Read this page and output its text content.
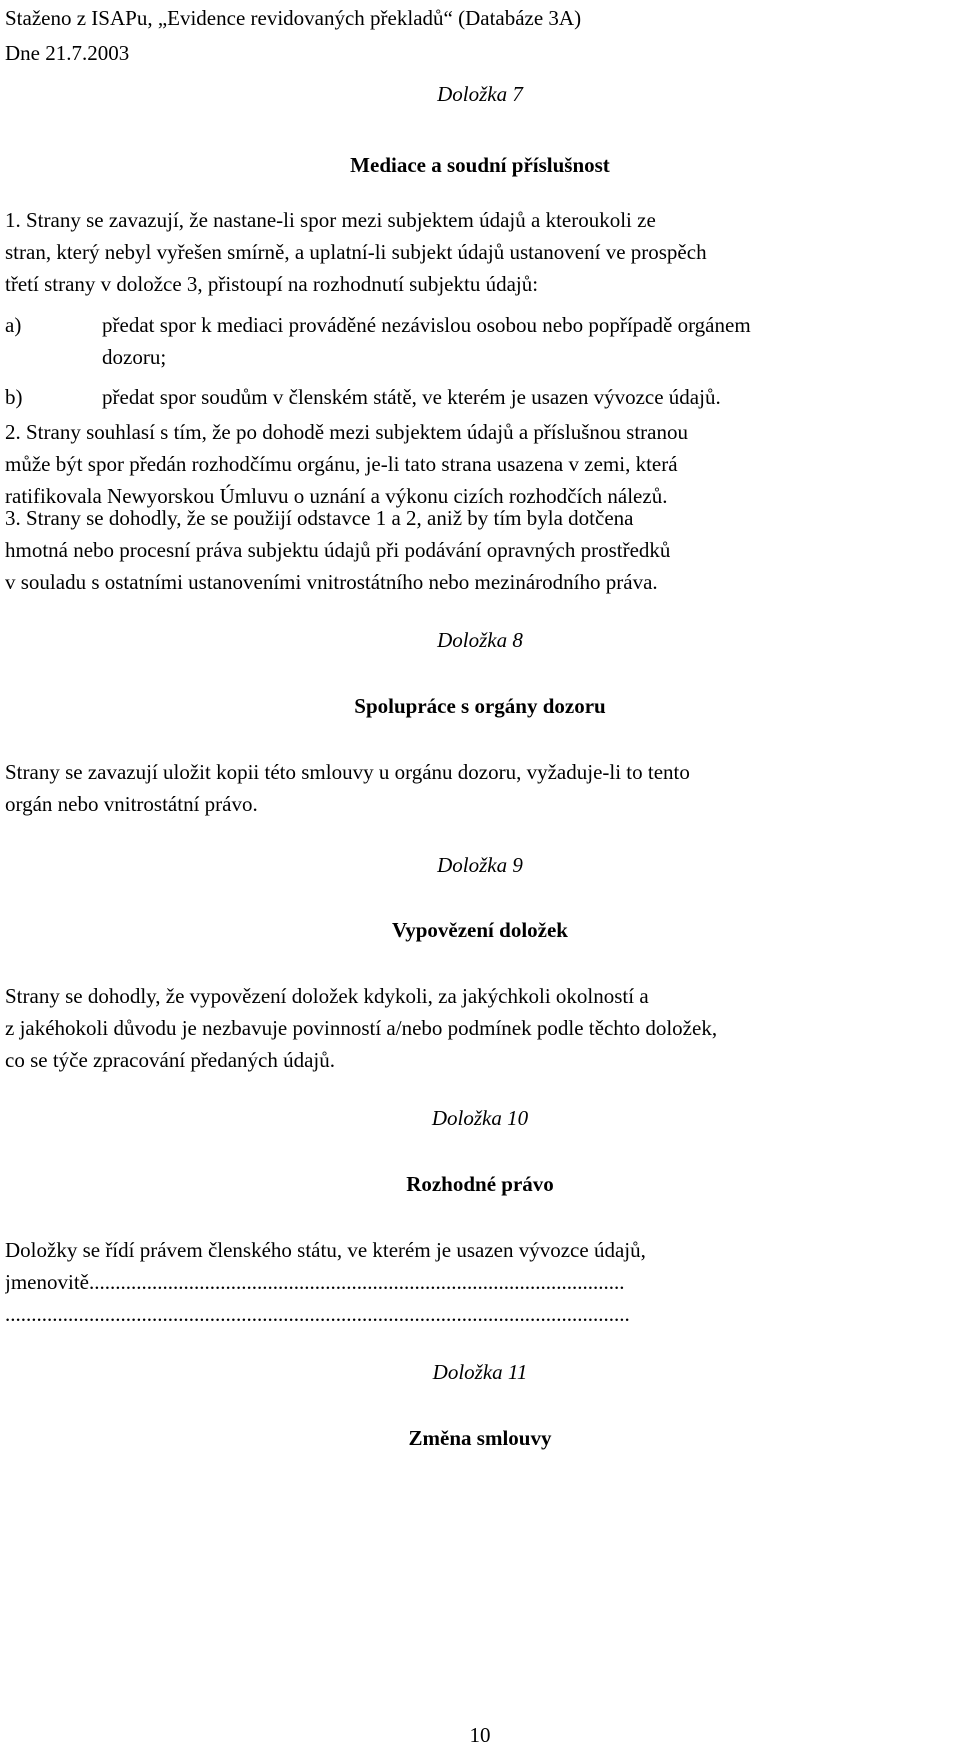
Staženo z ISAPu, „Evidence revidovaných překladů“ (Databáze 3A)
Dne 21.7.2003
Doložka 7
Mediace a soudní příslušnost
1. Strany se zavazují, že nastane-li spor mezi subjektem údajů a kteroukoli ze
stran, který nebyl vyřešen smírně, a uplatní-li subjekt údajů ustanovení ve prospěch
třetí strany v doložce 3, přistoupí na rozhodnutí subjektu údajů:
a)	předat spor k mediaci prováděné nezávislou osobou nebo popřípadě orgánem
dozoru;
b)	předat spor soudům v členském státě, ve kterém je usazen vývozce údajů.
2. Strany souhlasí s tím, že po dohodě mezi subjektem údajů a příslušnou stranou
může být spor předán rozhodčímu orgánu, je-li tato strana usazena v zemi, která
ratifikovala Newyorskou Úmluvu o uznání a výkonu cizích rozhodčích nálezů.
3. Strany se dohodly, že se použijí odstavce 1 a 2, aniž by tím byla dotčena
hmotná nebo procesní práva subjektu údajů při podávání opravných prostředků
v souladu s ostatními ustanoveními vnitrostátního nebo mezinárodního práva.
Doložka 8
Spolupráce s orgány dozoru
Strany se zavazují uložit kopii této smlouvy u orgánu dozoru, vyžaduje-li to tento
orgán nebo vnitrostátní právo.
Doložka 9
Vypovězení doložek
Strany se dohodly, že vypovězení doložek kdykoli, za jakýchkoli okolností a
z jakéhokoli důvodu je nezbavuje povinností a/nebo podmínek podle těchto doložek,
co se týče zpracování předaných údajů.
Doložka 10
Rozhodné právo
Doložky se řídí právem členského státu, ve kterém je usazen vývozce údajů,
jmenovitě......................................................................................................
.......................................................................................................................
Doložka 11
Změna smlouvy
10
